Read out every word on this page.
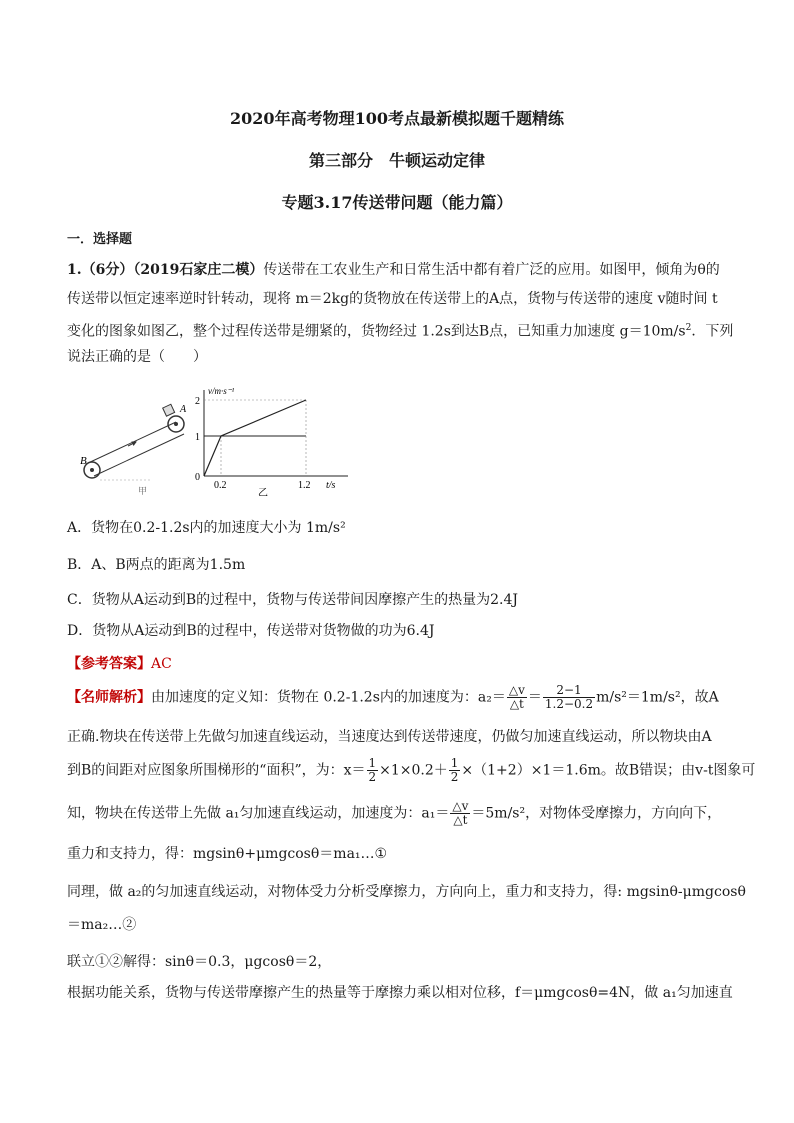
2020年高考物理100考点最新模拟题千题精练
第三部分　牛顿运动定律
专题3.17传送带问题（能力篇）
一．选择题
1.（6分）（2019石家庄二模）传送带在工农业生产和日常生活中都有着广泛的应用。如图甲，倾角为θ的
传送带以恒定速率逆时针转动，现将 m＝2kg的货物放在传送带上的A点，货物与传送带的速度 v随时间 t
变化的图象如图乙，整个过程传送带是绷紧的，货物经过 1.2s到达B点，已知重力加速度 $g=10m/s^2$．下列
说法正确的是（　　）
B
A
甲
v/m·s⁻¹
0
1
2
0.2	1.2 t/s
乙
A．货物在0.2-1.2s内的加速度大小为 1m/s²
B．A、B两点的距离为1.5m
C．货物从A运动到B的过程中，货物与传送带间因摩擦产生的热量为2.4J
D．货物从A运动到B的过程中，传送带对货物做的功为6.4J
【参考答案】AC
【名师解析】由加速度的定义知：货物在 0.2-1.2s内的加速度为：$a_2= \frac{\triangle v}{\triangle t} = \frac{2-1}{1.2-0.2} m/s^2=1m/s^2$，故A
正确.物块在传送带上先做匀加速直线运动，当速度达到传送带速度，仍做匀加速直线运动，所以物块由A
到B的间距对应图象所围梯形的“面积”，为：$x= \frac{1}{2} \times 1\times 0.2+ \frac{1}{2} \times(1+2)\times 1=1.6m$。故B错误；由v-t图象可
知，物块在传送带上先做 a₁匀加速直线运动，加速度为：$a_1= \frac{\triangle v}{\triangle t} =5m/s^2$，对物体受摩擦力，方向向下，
重力和支持力，得：mgsinθ+μmgcosθ＝ma₁…①
同理，做 a₂的匀加速直线运动，对物体受力分析受摩擦力，方向向上，重力和支持力，得: mgsinθ-μmgcosθ
＝ma₂…②
联立①②解得：sinθ＝0.3，μgcosθ＝2，
根据功能关系，货物与传送带摩擦产生的热量等于摩擦力乘以相对位移，f＝μmgcosθ=4N，做 a₁匀加速直
